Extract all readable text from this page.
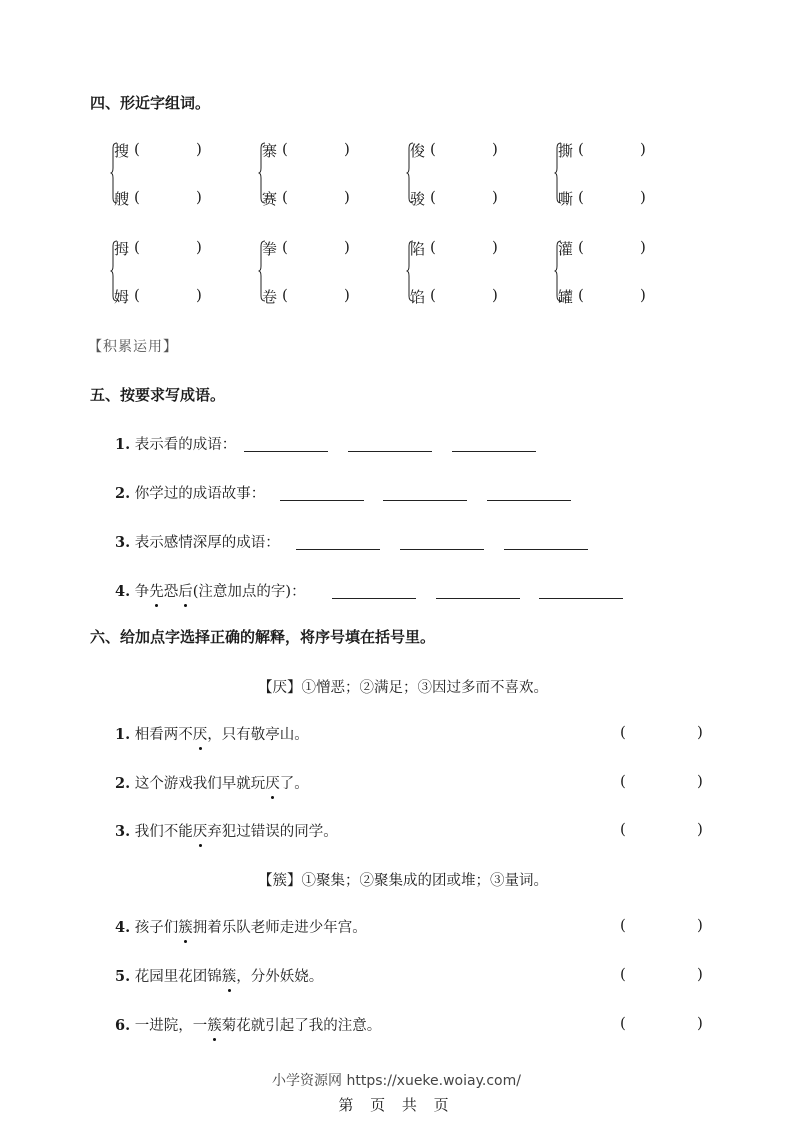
四、形近字组词。
搜 (	)
艘 (	)
寨 (	)
赛 (	)
俊 (	)
骏 (	)
撕 (	)
嘶 (	)
拇 (	)
姆 (	)
拳 (	)
卷 (	)
陷 (	)
馅 (	)
灌 (	)
罐 (	)
【积累运用】
五、按要求写成语。
1. 表示看的成语：
2. 你学过的成语故事：
3. 表示感情深厚的成语：
4. 争先恐后(注意加点的字)：
六、给加点字选择正确的解释，将序号填在括号里。
【厌】①憎恶；②满足；③因过多而不喜欢。
【簇】①聚集；②聚集成的团或堆；③量词。
1. 相看两不厌，只有敬亭山。	(	)
2. 这个游戏我们早就玩厌了。	(	)
3. 我们不能厌弃犯过错误的同学。	(	)
4. 孩子们簇拥着乐队老师走进少年宫。	(	)
5. 花园里花团锦簇，分外妖娆。	(	)
6. 一进院，一簇菊花就引起了我的注意。	(	)
小学资源网 https://xueke.woiay.com/
第 页 共 页
